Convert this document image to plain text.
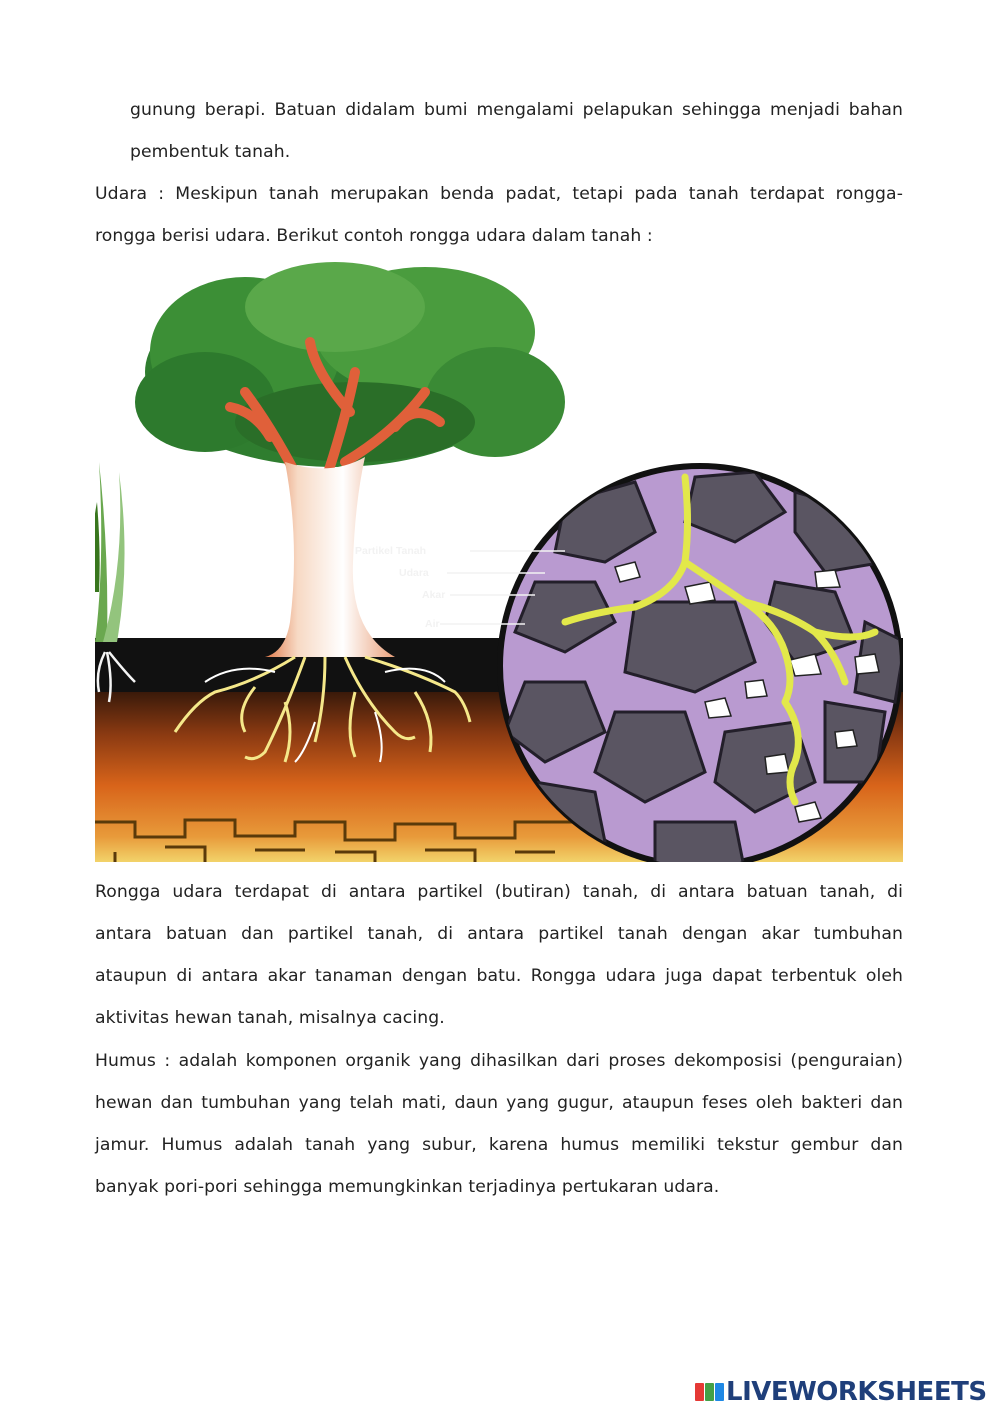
gunung berapi. Batuan didalam bumi mengalami pelapukan sehingga menjadi bahan
pembentuk tanah.
Udara : Meskipun tanah merupakan benda padat, tetapi pada tanah terdapat rongga-
rongga berisi udara. Berikut contoh rongga udara dalam tanah :
Partikel Tanah
Udara
Akar
Air
Rongga udara terdapat di antara partikel (butiran) tanah, di antara batuan tanah, di
antara batuan dan partikel tanah, di antara partikel tanah dengan akar tumbuhan
ataupun di antara akar tanaman dengan batu. Rongga udara juga dapat terbentuk oleh
aktivitas hewan tanah, misalnya cacing.
Humus : adalah komponen organik yang dihasilkan dari proses dekomposisi (penguraian)
hewan dan tumbuhan yang telah mati, daun yang gugur, ataupun feses oleh bakteri dan
jamur. Humus adalah tanah yang subur, karena humus memiliki tekstur gembur dan
banyak pori-pori sehingga memungkinkan terjadinya pertukaran udara.
LIVEWORKSHEETS
